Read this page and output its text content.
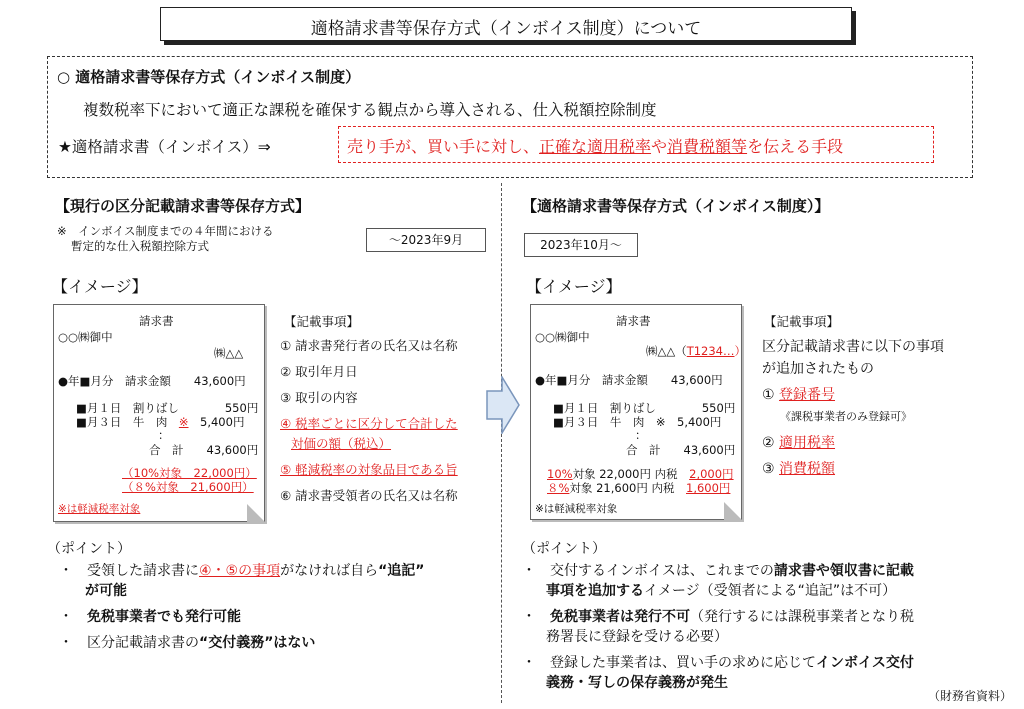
適格請求書等保存方式（インボイス制度）について
○ 適格請求書等保存方式（インボイス制度）
複数税率下において適正な課税を確保する観点から導入される、仕入税額控除制度
★適格請求書（インボイス）⇒	売り手が、買い手に対し、正確な適用税率や消費税額等を伝える手段
【現行の区分記載請求書等保存方式】
※　インボイス制度までの４年間における
暫定的な仕入税額控除方式	～2023年9月
【イメージ】
請求書
○○㈱御中
㈱△△
●年■月分　請求金額　　43,600円
■月１日　割りばし　　　　550円
■月３日　牛　肉　※　5,400円
：
合　計　　43,600円
（10%対象　22,000円）
（８%対象　21,600円）
※は軽減税率対象
【記載事項】
① 請求書発行者の氏名又は名称
② 取引年月日
③ 取引の内容
④ 税率ごとに区分して合計した
対価の額（税込）
⑤ 軽減税率の対象品目である旨
⑥ 請求書受領者の氏名又は名称
（ポイント）
・　 受領した請求書に④・⑤の事項がなければ自ら“追記”
が可能
・　 免税事業者でも発行可能
・　 区分記載請求書の“交付義務”はない
【適格請求書等保存方式（インボイス制度）】
2023年10月～
【イメージ】
請求書
○○㈱御中
㈱△△（T1234…）
●年■月分　請求金額　　43,600円
■月１日　割りばし　　　　550円
■月３日　牛　肉　※　5,400円
：
合　計　　43,600円
10%対象 22,000円 内税　 2,000円
８%対象 21,600円 内税　 1,600円
※は軽減税率対象
【記載事項】
区分記載請求書に以下の事項
が追加されたもの
① 登録番号
《課税事業者のみ登録可》
② 適用税率
③ 消費税額
（ポイント）
・　 交付するインボイスは、これまでの請求書や領収書に記載
事項を追加するイメージ（受領者による“追記”は不可）
・　 免税事業者は発行不可（発行するには課税事業者となり税
務署長に登録を受ける必要）
・　 登録した事業者は、買い手の求めに応じてインボイス交付
義務・写しの保存義務が発生
（財務省資料）
